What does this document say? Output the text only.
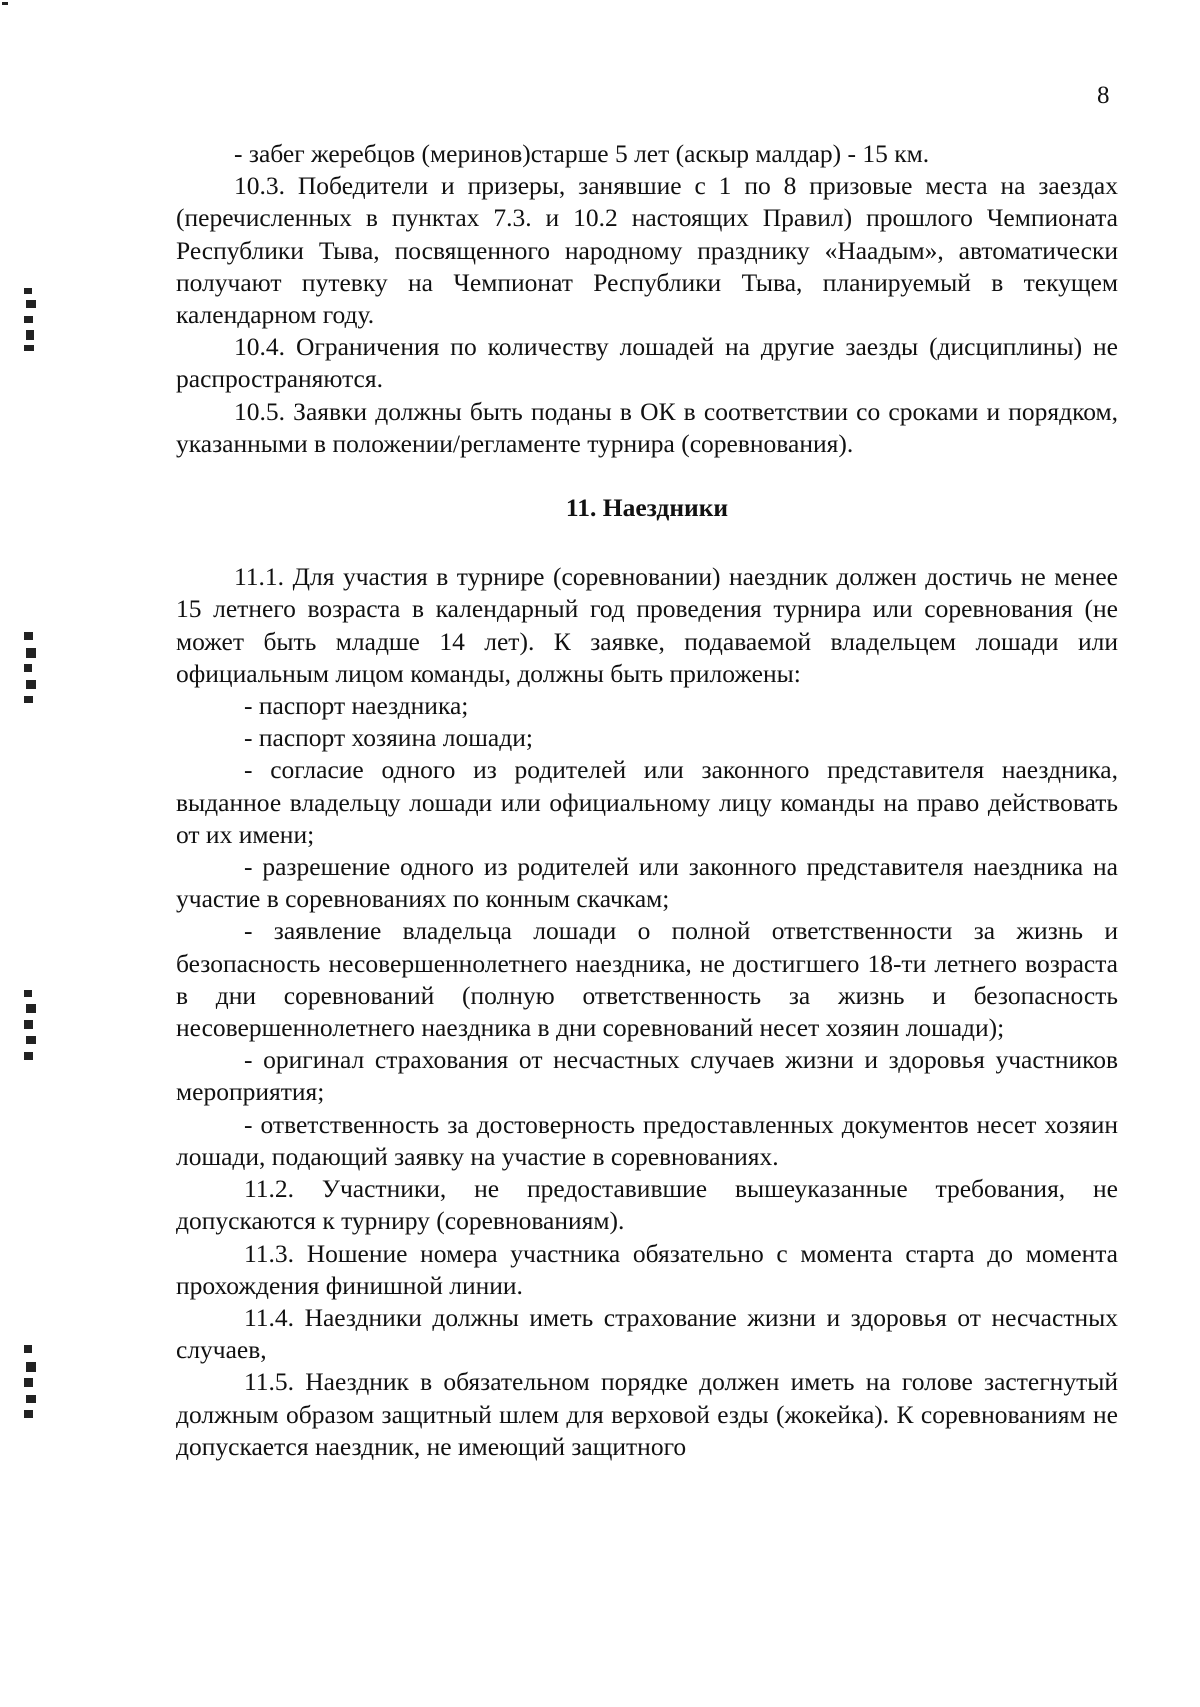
8

- забег жеребцов (меринов)старше 5 лет (аскыр малдар) - 15 км.

10.3. Победители и призеры, занявшие с 1 по 8 призовые места на заездах (перечисленных в пунктах 7.3. и 10.2 настоящих Правил) прошлого Чемпионата Республики Тыва, посвященного народному празднику «Наадым», автоматически получают путевку на Чемпионат Республики Тыва, планируемый в текущем календарном году.

10.4. Ограничения по количеству лошадей на другие заезды (дисциплины) не распространяются.

10.5. Заявки должны быть поданы в ОК в соответствии со сроками и порядком, указанными в положении/регламенте турнира (соревнования).

11. Наездники

11.1. Для участия в турнире (соревновании) наездник должен достичь не менее 15 летнего возраста в календарный год проведения турнира или соревнования (не может быть младше 14 лет). К заявке, подаваемой владельцем лошади или официальным лицом команды, должны быть приложены:

- паспорт наездника;

- паспорт хозяина лошади;

- согласие одного из родителей или законного представителя наездника, выданное владельцу лошади или официальному лицу команды на право действовать от их имени;

- разрешение одного из родителей или законного представителя наездника на участие в соревнованиях по конным скачкам;

- заявление владельца лошади о полной ответственности за жизнь и безопасность несовершеннолетнего наездника, не достигшего 18-ти летнего возраста в дни соревнований (полную ответственность за жизнь и безопасность несовершеннолетнего наездника в дни соревнований несет хозяин лошади);

- оригинал страхования от несчастных случаев жизни и здоровья участников мероприятия;

- ответственность за достоверность предоставленных документов несет хозяин лошади, подающий заявку на участие в соревнованиях.

11.2. Участники, не предоставившие вышеуказанные требования, не допускаются к турниру (соревнованиям).

11.3. Ношение номера участника обязательно с момента старта до момента прохождения финишной линии.

11.4. Наездники должны иметь страхование жизни и здоровья от несчастных случаев,

11.5. Наездник в обязательном порядке должен иметь на голове застегнутый должным образом защитный шлем для верховой езды (жокейка). К соревнованиям не допускается наездник, не имеющий защитного
